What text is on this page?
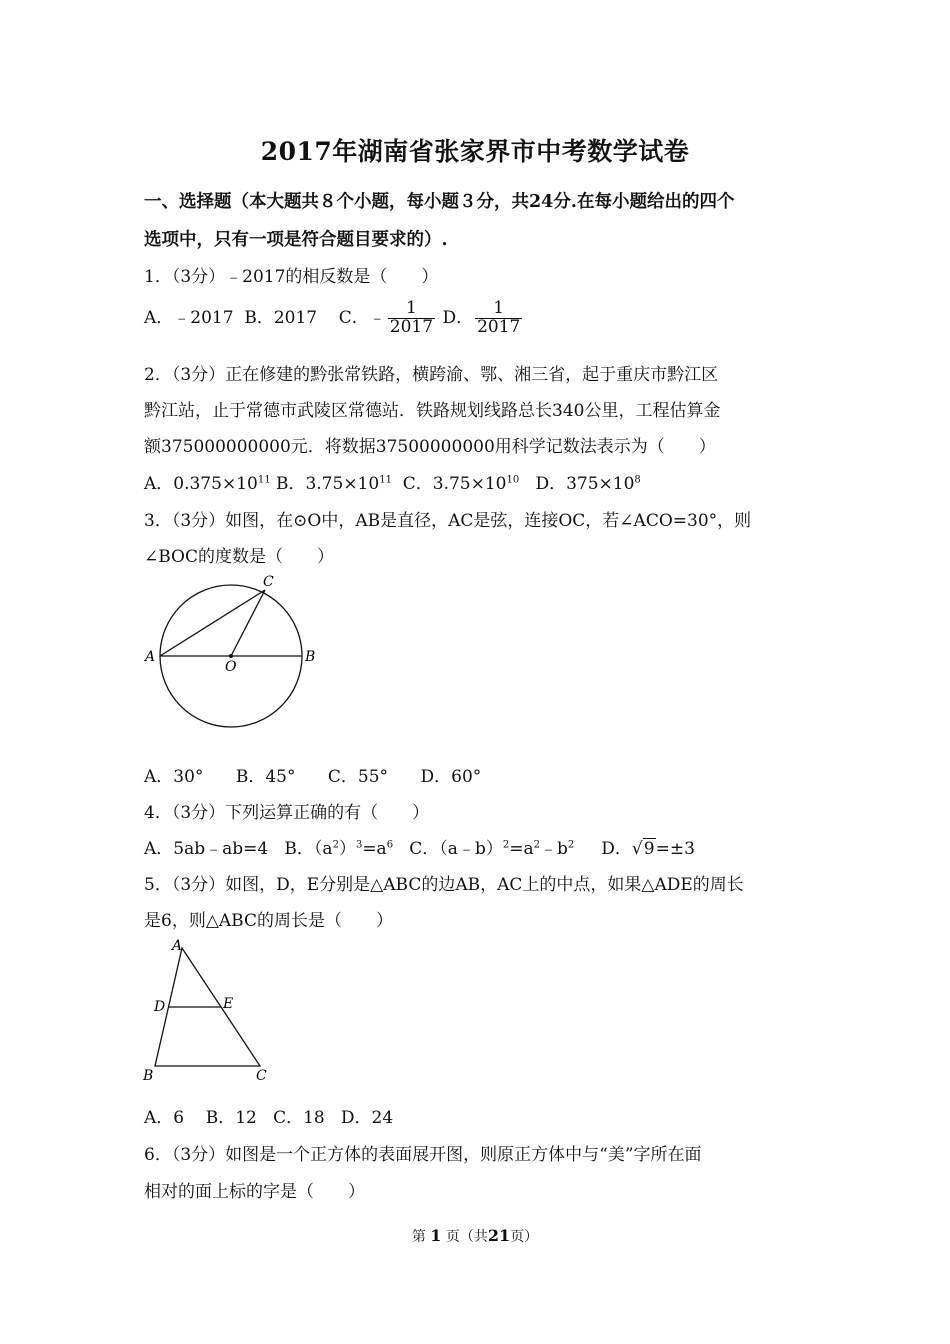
2017年湖南省张家界市中考数学试卷
一、选择题（本大题共８个小题，每小题３分，共24分.在每小题给出的四个
选项中，只有一项是符合题目要求的）.
1．（3分）﹣2017的相反数是（　　）
A．﹣2017 B．2017 C．﹣ $\frac{1}{2017}$ D． $\frac{1}{2017}$
2．（3分）正在修建的黔张常铁路，横跨渝、鄂、湘三省，起于重庆市黔江区
黔江站，止于常德市武陵区常德站．铁路规划线路总长340公里，工程估算金
额375000000000元．将数据37500000000用科学记数法表示为（　　）
A．$0.375\times 10^{11}$ B．$3.75\times 10^{11}$ C．$3.75\times 10^{10}$ D．$375\times 10^8$
3．（3分）如图，在⊙O中，AB是直径，AC是弦，连接OC，若∠ACO=30°，则
∠BOC的度数是（　　）
A	B
C
O
A．30° B．45° C．55° D．60°
4．（3分）下列运算正确的有（　　）
A．5ab﹣ab=4 B．$(a^2)^3=a^6$ C．$(a﹣b)^2=a^2﹣b^2$ D．√9=±3
5．（3分）如图，D，E分别是△ABC的边AB，AC上的中点，如果△ADE的周长
是6，则△ABC的周长是（　　）
A
B	C
D	E
A．6 B．12 C．18 D．24
6．（3分）如图是一个正方体的表面展开图，则原正方体中与“美”字所在面
相对的面上标的字是（　　）
第 1 页（共21页）
